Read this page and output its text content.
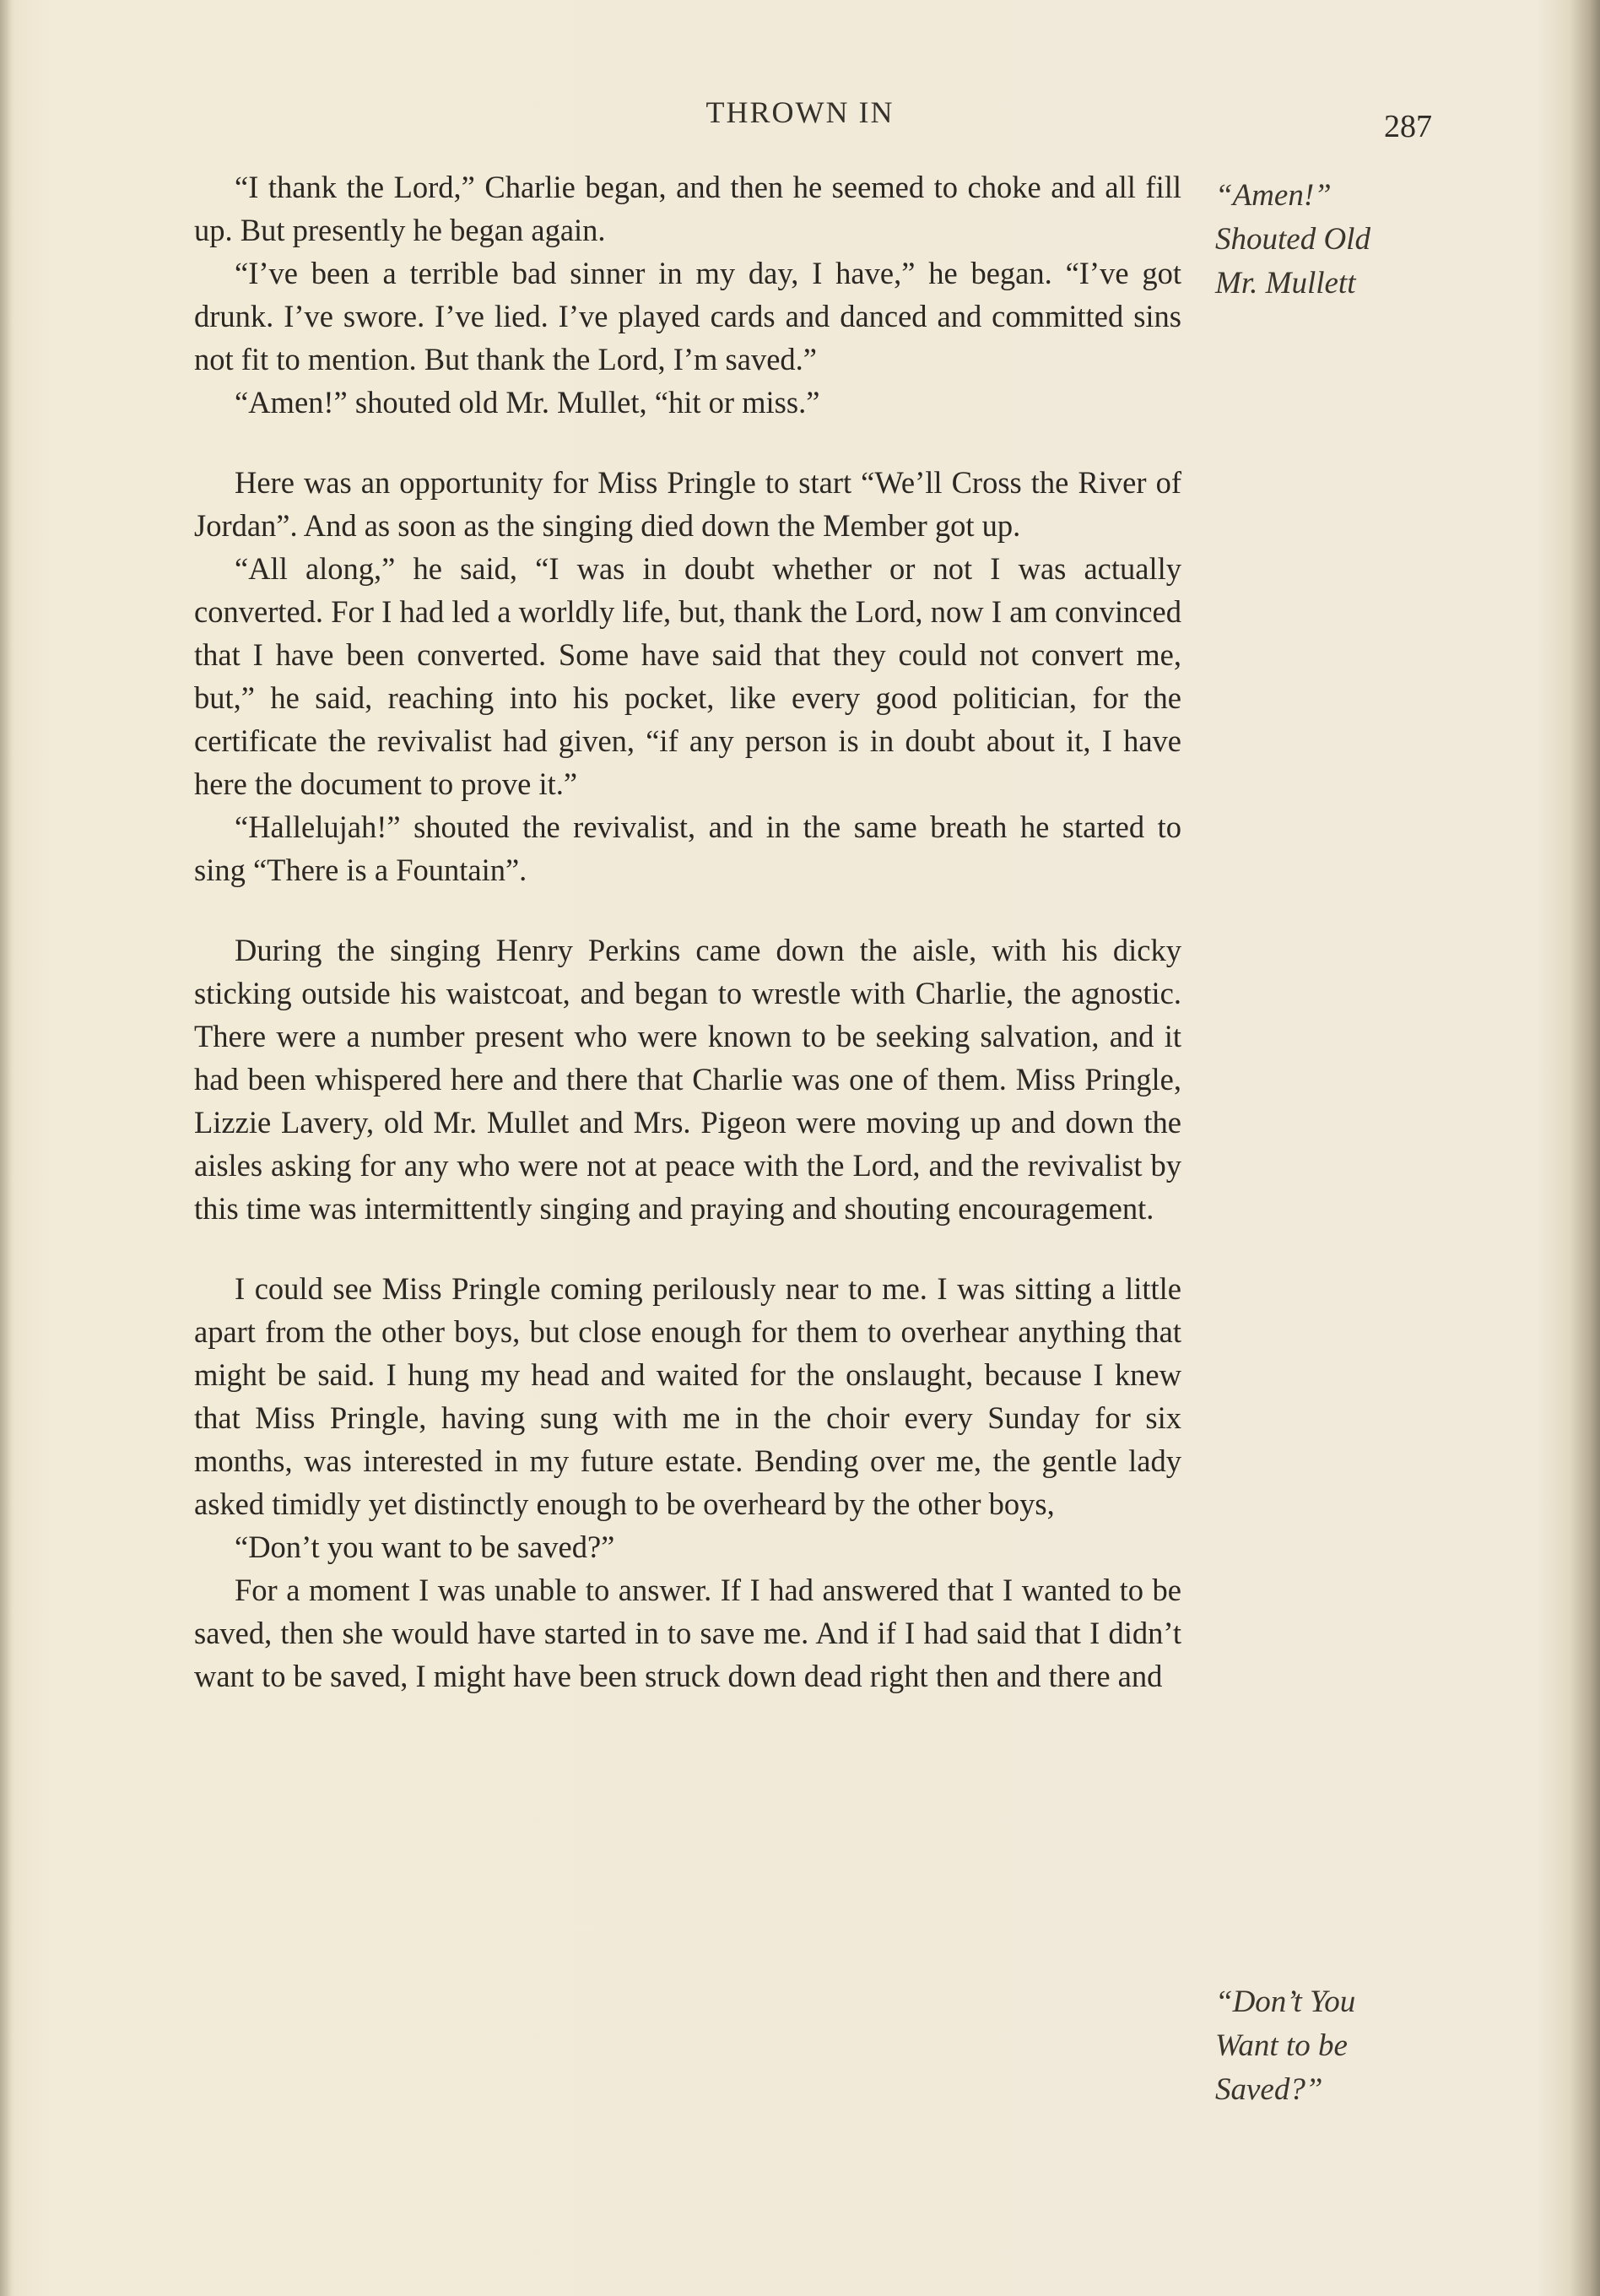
THROWN IN	287

“I thank the Lord,” Charlie began, and then he seemed to choke and all fill up. But presently he began again.

“I’ve been a terrible bad sinner in my day, I have,” he began. “I’ve got drunk. I’ve swore. I’ve lied. I’ve played cards and danced and committed sins not fit to mention. But thank the Lord, I’m saved.”

“Amen!” shouted old Mr. Mullet, “hit or miss.”

Here was an opportunity for Miss Pringle to start “We’ll Cross the River of Jordan”. And as soon as the singing died down the Member got up.

“All along,” he said, “I was in doubt whether or not I was actually converted. For I had led a worldly life, but, thank the Lord, now I am convinced that I have been converted. Some have said that they could not convert me, but,” he said, reaching into his pocket, like every good politician, for the certificate the revivalist had given, “if any person is in doubt about it, I have here the document to prove it.”

“Hallelujah!” shouted the revivalist, and in the same breath he started to sing “There is a Fountain”.

During the singing Henry Perkins came down the aisle, with his dicky sticking outside his waistcoat, and began to wrestle with Charlie, the agnostic. There were a number present who were known to be seeking salvation, and it had been whispered here and there that Charlie was one of them. Miss Pringle, Lizzie Lavery, old Mr. Mullet and Mrs. Pigeon were moving up and down the aisles asking for any who were not at peace with the Lord, and the revivalist by this time was intermittently singing and praying and shouting encouragement.

I could see Miss Pringle coming perilously near to me. I was sitting a little apart from the other boys, but close enough for them to overhear anything that might be said. I hung my head and waited for the onslaught, because I knew that Miss Pringle, having sung with me in the choir every Sunday for six months, was interested in my future estate. Bending over me, the gentle lady asked timidly yet distinctly enough to be overheard by the other boys,

“Don’t you want to be saved?”

For a moment I was unable to answer. If I had answered that I wanted to be saved, then she would have started in to save me. And if I had said that I didn’t want to be saved, I might have been struck down dead right then and there and

“Amen!”
Shouted Old
Mr. Mullett
“Don’t You
Want to be
Saved?”
